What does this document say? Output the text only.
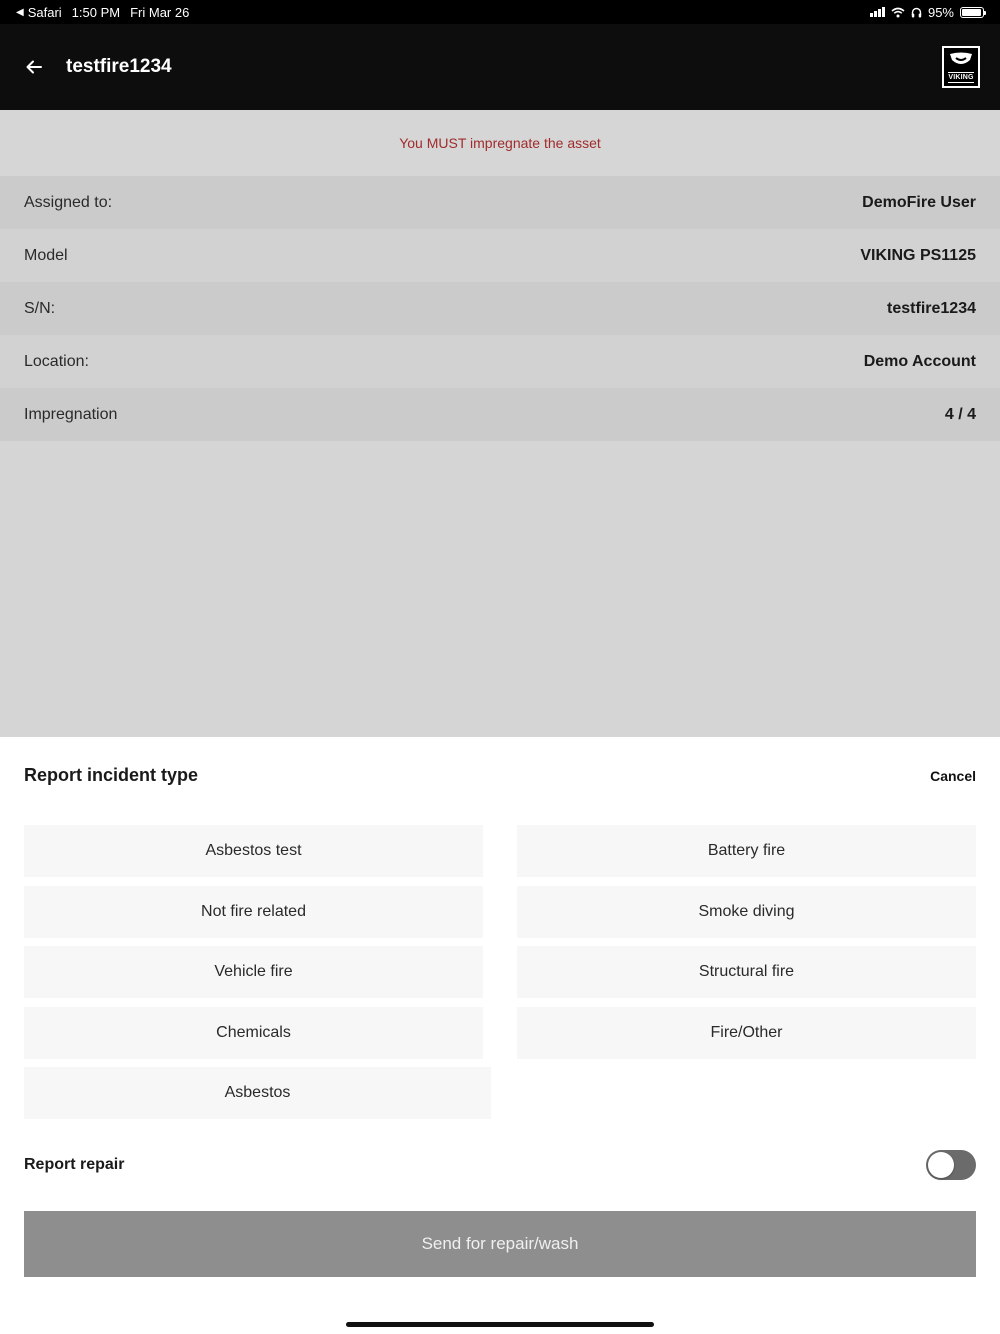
◀ Safari 1:50 PM Fri Mar 26	95%
testfire1234	VIKING
You MUST impregnate the asset
Assigned to:	DemoFire User
Model	VIKING PS1125
S/N:	testfire1234
Location:	Demo Account
Impregnation	4 / 4
Report incident type	Cancel
Asbestos test	Battery fire
Not fire related	Smoke diving
Vehicle fire	Structural fire
Chemicals	Fire/Other
Asbestos
Report repair
Send for repair/wash
